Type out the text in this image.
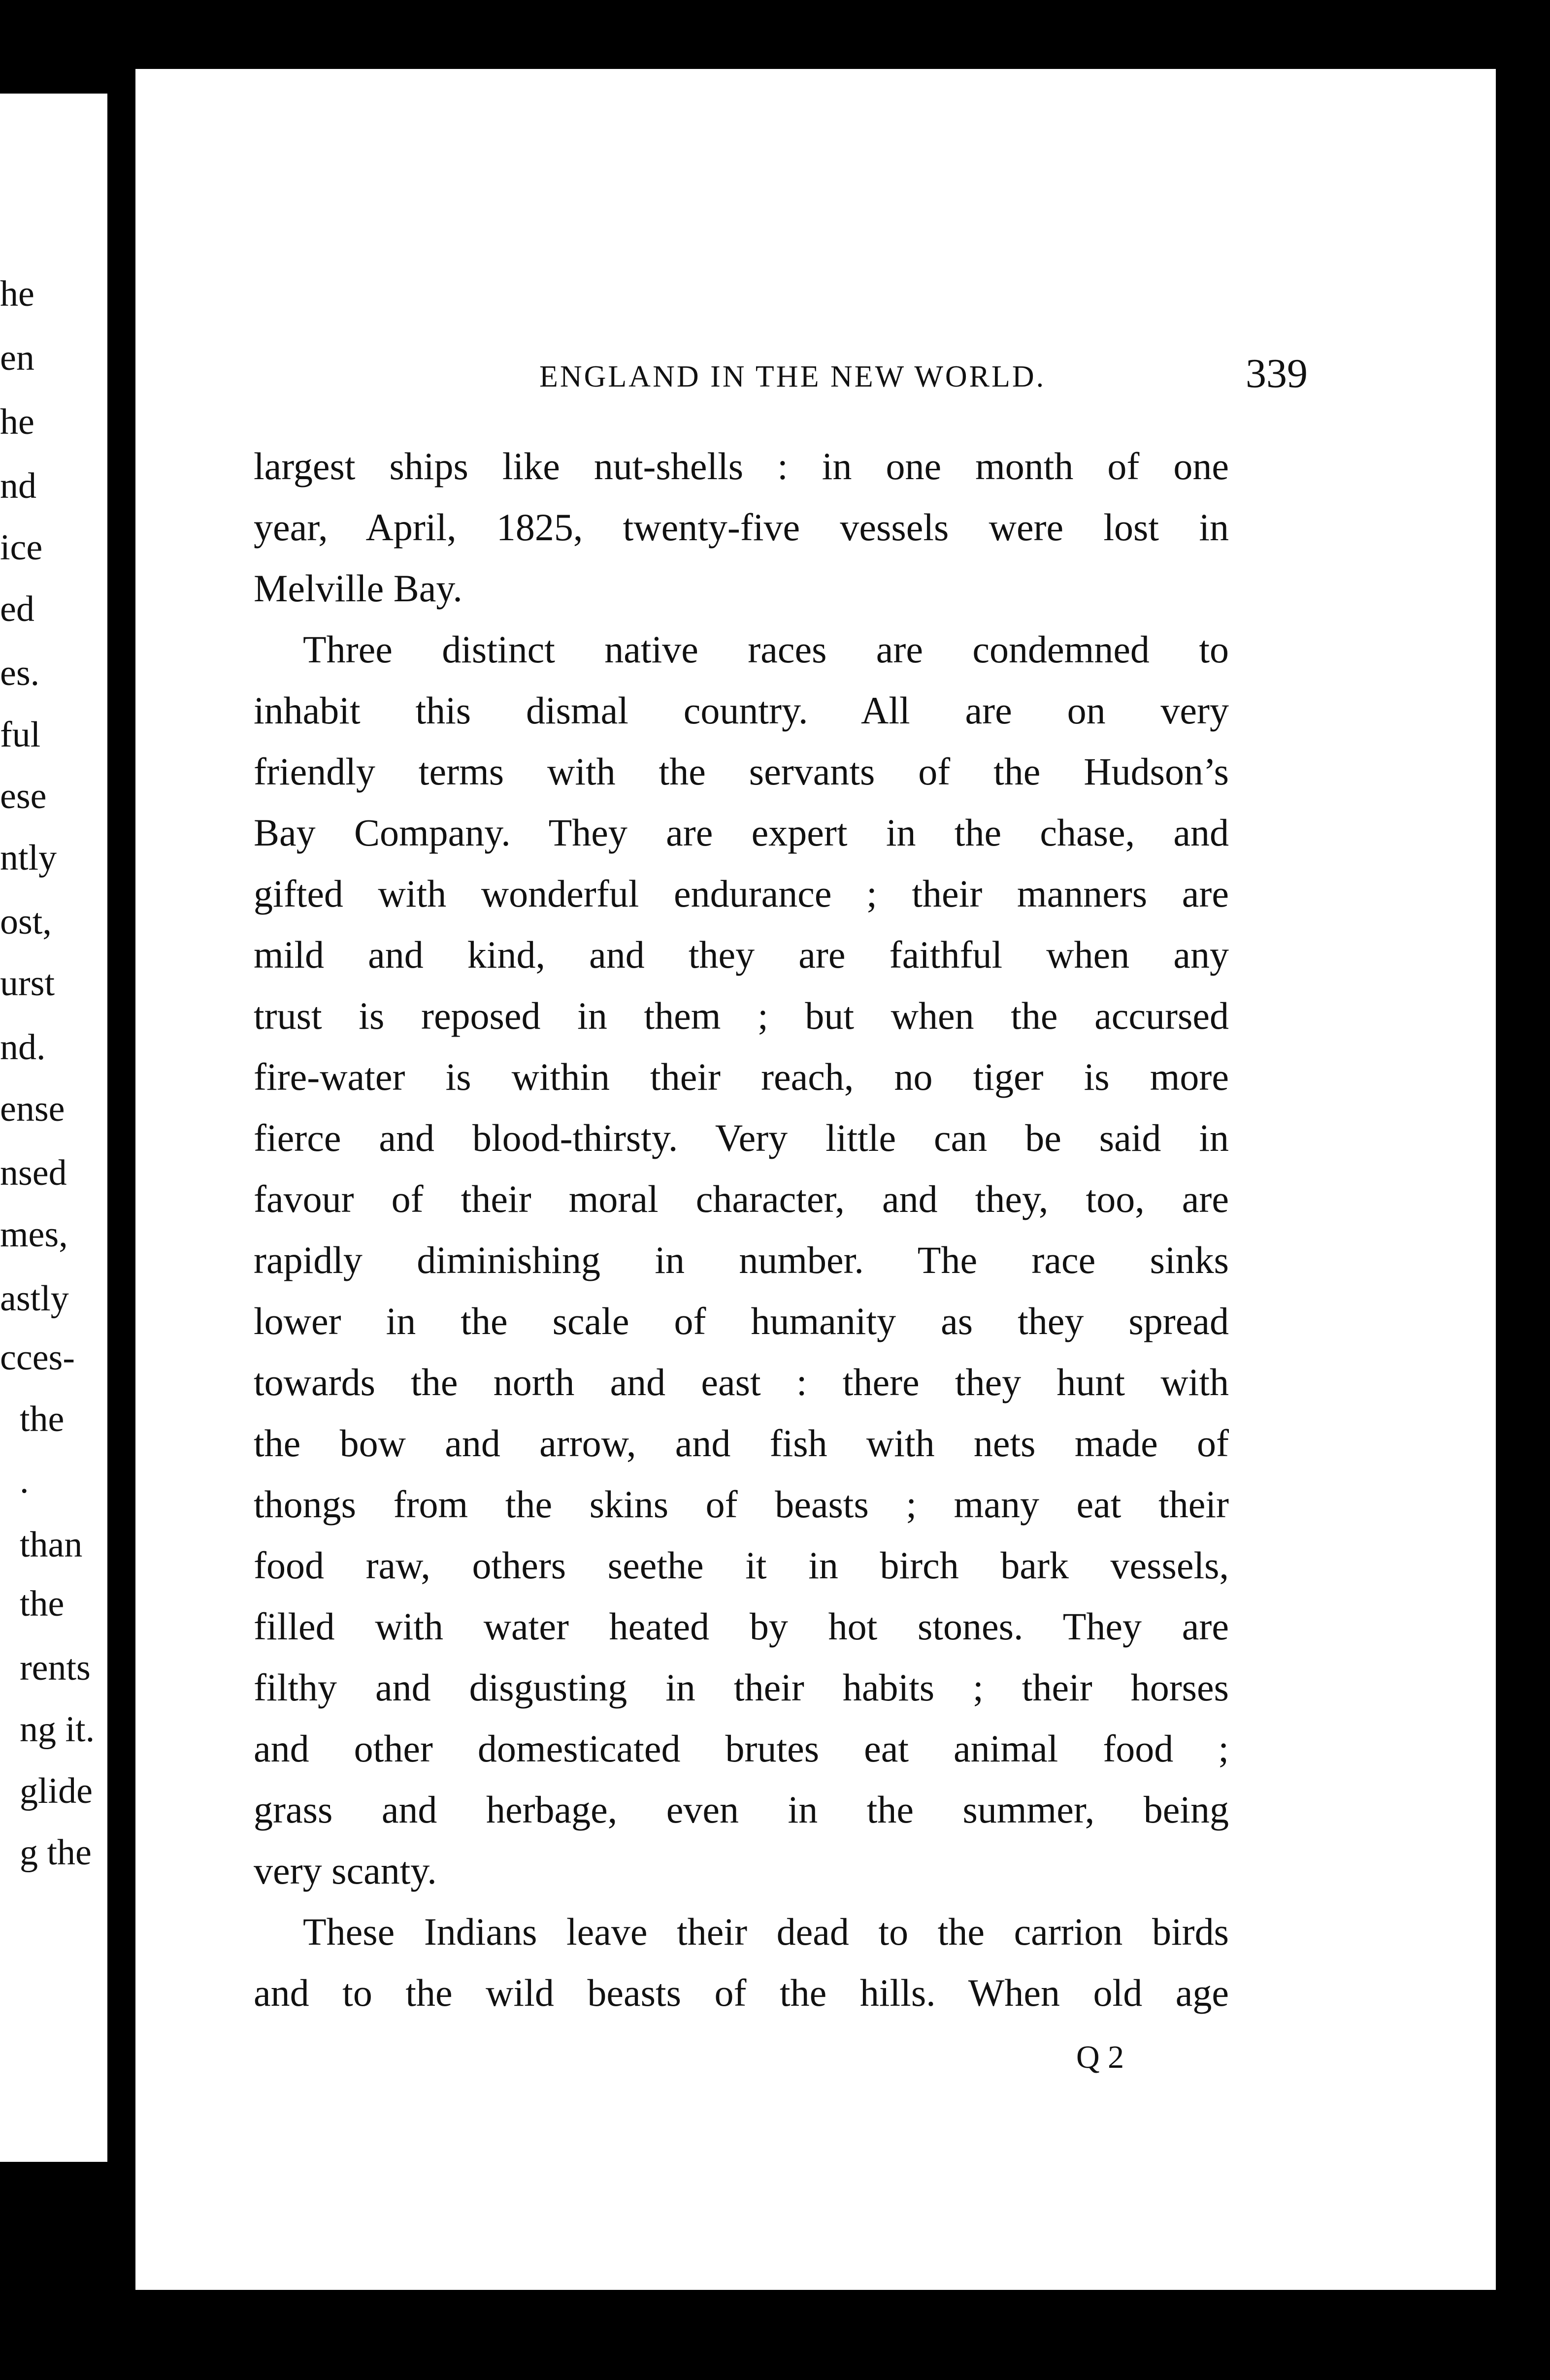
he
en
he
nd
ice
ed
es.
ful
ese
ntly
ost,
urst
nd.
ense
nsed
mes,
astly
cces-
the
.
than
the
rents
ng it.
glide
g the
ENGLAND IN THE NEW WORLD.	339
largest ships like nut-shells : in one month of one
year, April, 1825, twenty-five vessels were lost in
Melville Bay.
Three distinct native races are condemned to
inhabit this dismal country. All are on very
friendly terms with the servants of the Hudson’s
Bay Company. They are expert in the chase, and
gifted with wonderful endurance ; their manners are
mild and kind, and they are faithful when any
trust is reposed in them ; but when the accursed
fire-water is within their reach, no tiger is more
fierce and blood-thirsty. Very little can be said in
favour of their moral character, and they, too, are
rapidly diminishing in number. The race sinks
lower in the scale of humanity as they spread
towards the north and east : there they hunt with
the bow and arrow, and fish with nets made of
thongs from the skins of beasts ; many eat their
food raw, others seethe it in birch bark vessels,
filled with water heated by hot stones. They are
filthy and disgusting in their habits ; their horses
and other domesticated brutes eat animal food ;
grass and herbage, even in the summer, being
very scanty.
These Indians leave their dead to the carrion birds
and to the wild beasts of the hills. When old age
Q 2
